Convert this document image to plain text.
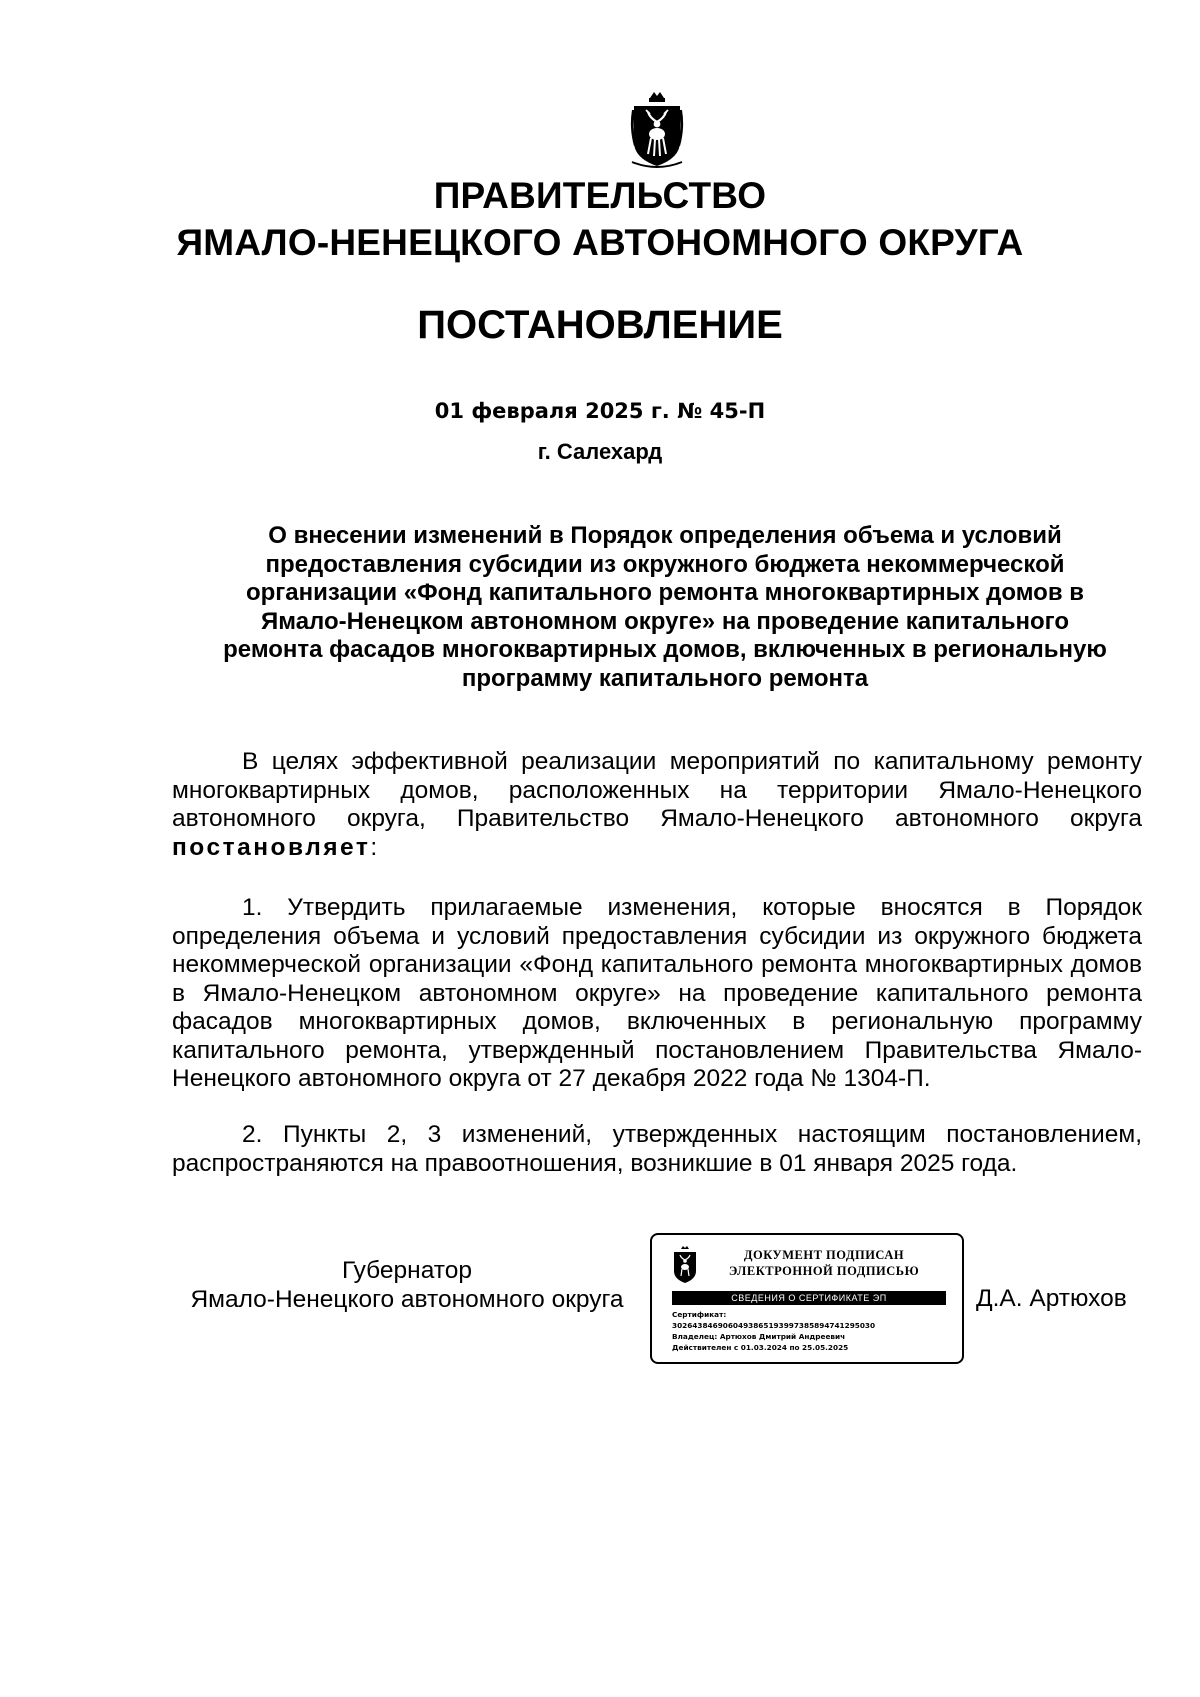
ПРАВИТЕЛЬСТВО
ЯМАЛО-НЕНЕЦКОГО АВТОНОМНОГО ОКРУГА
ПОСТАНОВЛЕНИЕ
01 февраля 2025 г. № 45-П
г. Салехард
О внесении изменений в Порядок определения объема и условий
предоставления субсидии из окружного бюджета некоммерческой
организации «Фонд капитального ремонта многоквартирных домов в
Ямало-Ненецком автономном округе» на проведение капитального
ремонта фасадов многоквартирных домов, включенных в региональную
программу капитального ремонта
В целях эффективной реализации мероприятий по капитальному ремонту многоквартирных домов, расположенных на территории Ямало-Ненецкого автономного округа, Правительство Ямало-Ненецкого автономного округа постановляет:
1. Утвердить прилагаемые изменения, которые вносятся в Порядок определения объема и условий предоставления субсидии из окружного бюджета некоммерческой организации «Фонд капитального ремонта многоквартирных домов в Ямало-Ненецком автономном округе» на проведение капитального ремонта фасадов многоквартирных домов, включенных в региональную программу капитального ремонта, утвержденный постановлением Правительства Ямало-Ненецкого автономного округа от 27 декабря 2022 года № 1304-П.
2. Пункты 2, 3 изменений, утвержденных настоящим постановлением, распространяются на правоотношения, возникшие в 01 января 2025 года.
Губернатор
Ямало-Ненецкого автономного округа
ДОКУМЕНТ ПОДПИСАН
ЭЛЕКТРОННОЙ ПОДПИСЬЮ
СВЕДЕНИЯ О СЕРТИФИКАТЕ ЭП
Сертификат:
3026438469060493865193997385894741295030
Владелец: Артюхов Дмитрий Андреевич
Действителен с 01.03.2024 по 25.05.2025
Д.А. Артюхов
